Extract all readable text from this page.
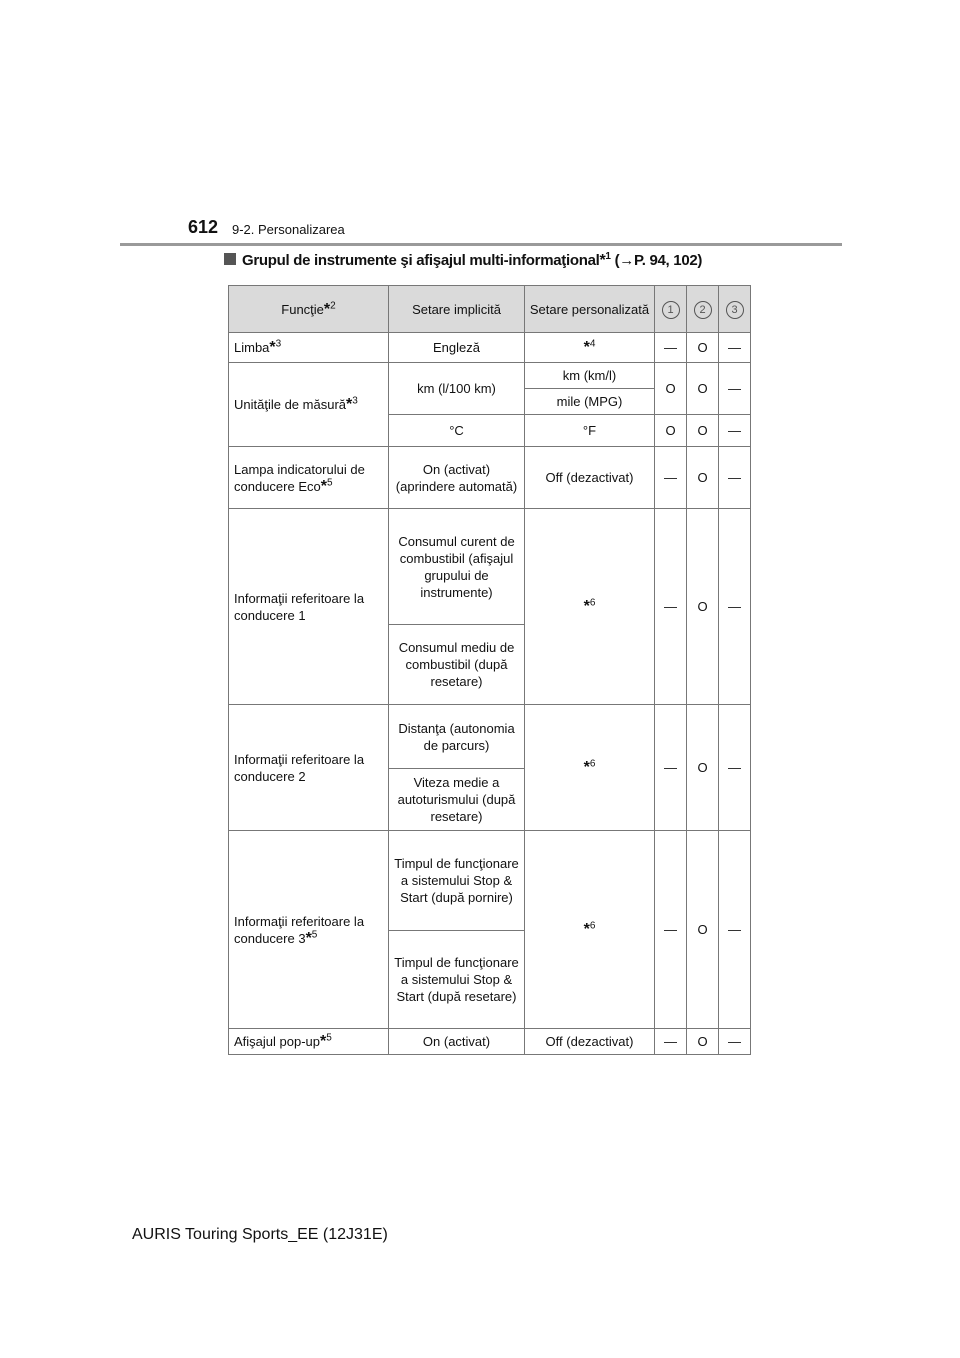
612 9-2. Personalizarea
Grupul de instrumente şi afişajul multi-informaţional*$^1$ (→P. 94, 102)
Funcţie*$^2$	Setare implicită	Setare personalizată	1	2	3
Limba*$^3$	Engleză	*$^4$	—	O	—
Unităţile de măsură*$^3$	km (l/100 km)	km (km/l)	O	O	—
		mile (MPG)			
	°C	°F	O	O	—
Lampa indicatorului de conducere Eco*$^5$	On (activat) (aprindere automată)	Off (dezactivat)	—	O	—
Informaţii referitoare la conducere 1	Consumul curent de combustibil (afişajul grupului de instrumente)	*$^6$	—	O	—
	Consumul mediu de combustibil (după resetare)				
Informaţii referitoare la conducere 2	Distanţa (autonomia de parcurs)	*$^6$	—	O	—
	Viteza medie a autoturismului (după resetare)				
Informaţii referitoare la conducere 3*$^5$	Timpul de funcţionare a sistemului Stop & Start (după pornire)	*$^6$	—	O	—
	Timpul de funcţionare a sistemului Stop & Start (după resetare)				
Afişajul pop-up*$^5$	On (activat)	Off (dezactivat)	—	O	—
AURIS Touring Sports_EE (12J31E)
